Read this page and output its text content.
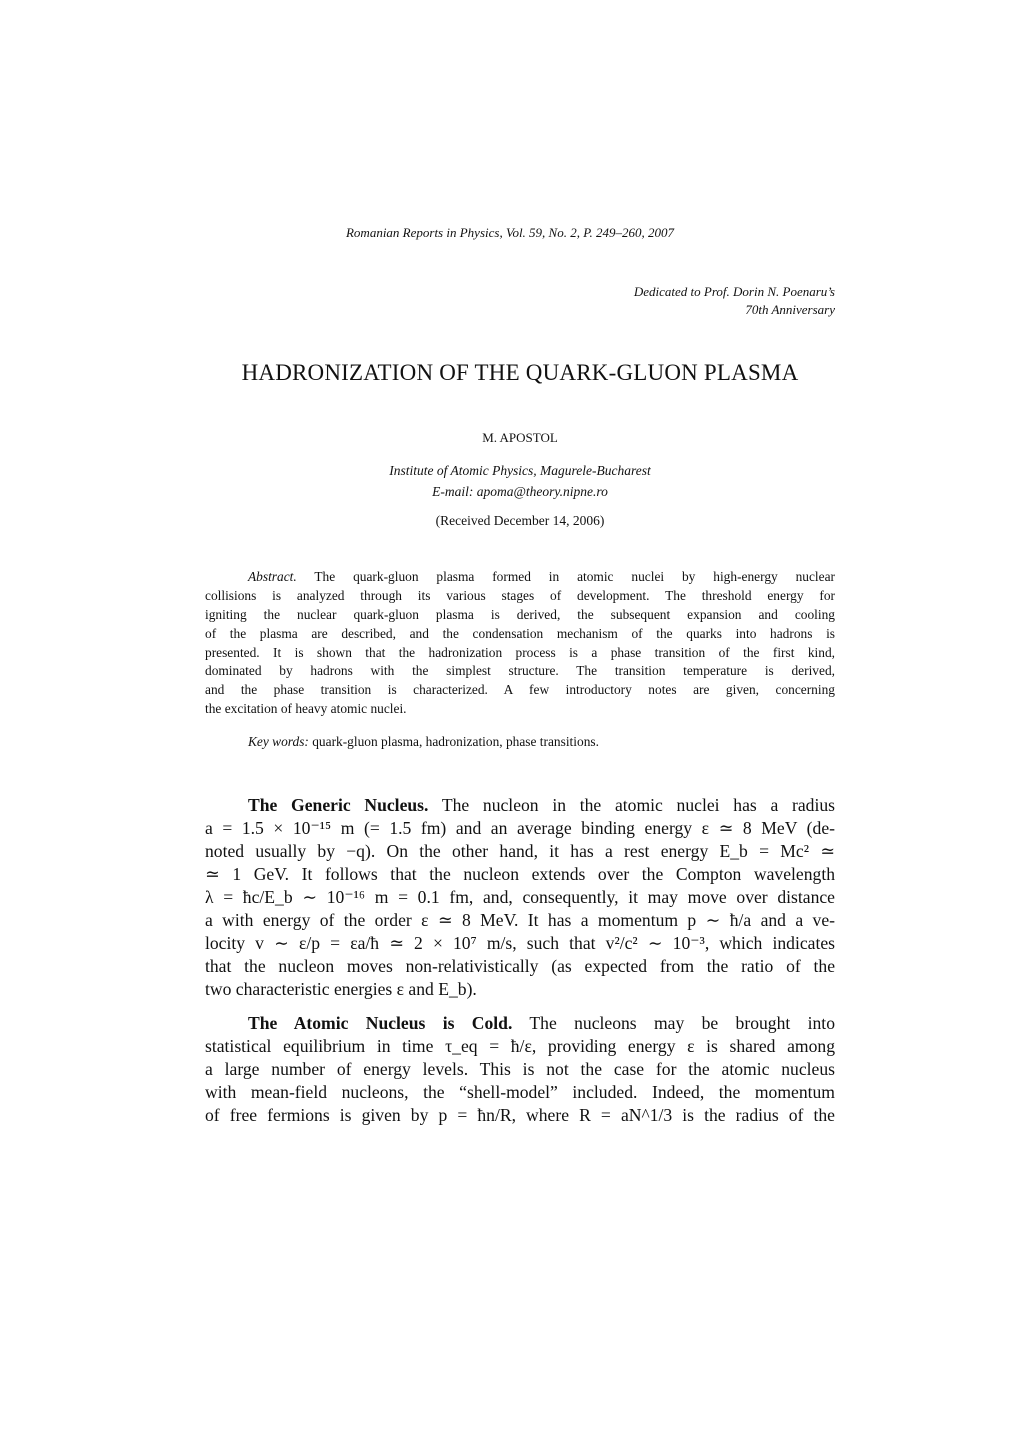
Romanian Reports in Physics, Vol. 59, No. 2, P. 249–260, 2007
Dedicated to Prof. Dorin N. Poenaru’s
70th Anniversary
HADRONIZATION OF THE QUARK-GLUON PLASMA
M. APOSTOL
Institute of Atomic Physics, Magurele-Bucharest
E-mail: apoma@theory.nipne.ro
(Received December 14, 2006)
Abstract. The quark-gluon plasma formed in atomic nuclei by high-energy nuclear
collisions is analyzed through its various stages of development. The threshold energy for
igniting the nuclear quark-gluon plasma is derived, the subsequent expansion and cooling
of the plasma are described, and the condensation mechanism of the quarks into hadrons is
presented. It is shown that the hadronization process is a phase transition of the first kind,
dominated by hadrons with the simplest structure. The transition temperature is derived,
and the phase transition is characterized. A few introductory notes are given, concerning
the excitation of heavy atomic nuclei.
Key words: quark-gluon plasma, hadronization, phase transitions.
The Generic Nucleus. The nucleon in the atomic nuclei has a radius
a = 1.5 × 10⁻¹⁵ m (= 1.5 fm) and an average binding energy ε ≃ 8 MeV (de-
noted usually by −q). On the other hand, it has a rest energy E_b = Mc² ≃
≃ 1 GeV. It follows that the nucleon extends over the Compton wavelength
λ = ħc/E_b ∼ 10⁻¹⁶ m = 0.1 fm, and, consequently, it may move over distance
a with energy of the order ε ≃ 8 MeV. It has a momentum p ∼ ħ/a and a ve-
locity v ∼ ε/p = εa/ħ ≃ 2 × 10⁷ m/s, such that v²/c² ∼ 10⁻³, which indicates
that the nucleon moves non-relativistically (as expected from the ratio of the
two characteristic energies ε and E_b).
The Atomic Nucleus is Cold. The nucleons may be brought into
statistical equilibrium in time τ_eq = ħ/ε, providing energy ε is shared among
a large number of energy levels. This is not the case for the atomic nucleus
with mean-field nucleons, the “shell-model” included. Indeed, the momentum
of free fermions is given by p = ħn/R, where R = aN^1/3 is the radius of the
